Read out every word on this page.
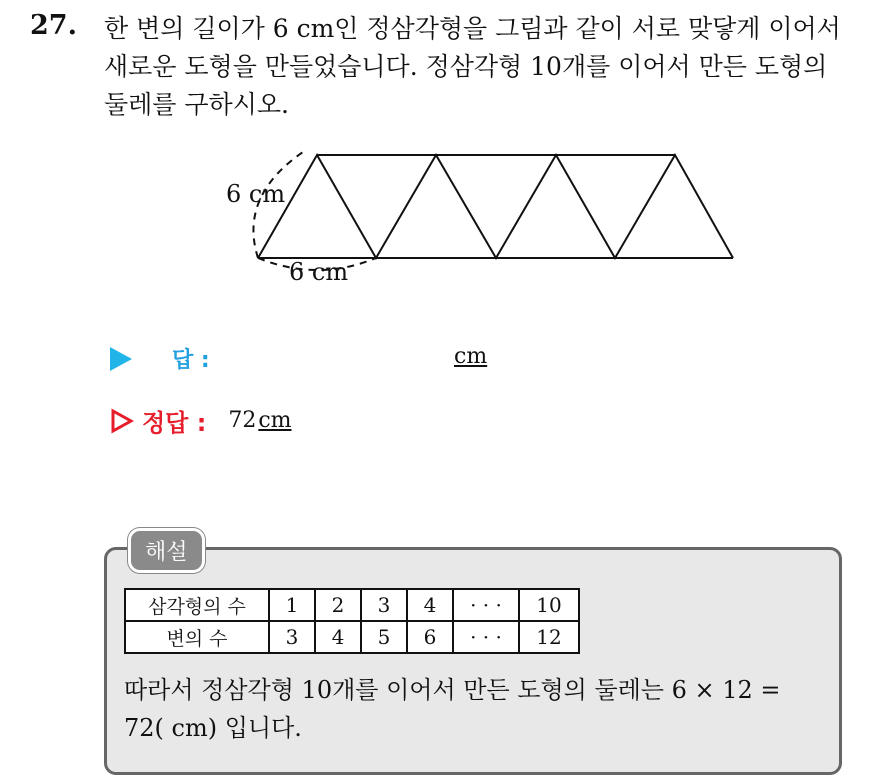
27. 한 변의 길이가 6 cm인 정삼각형을 그림과 같이 서로 맞닿게 이어서
새로운 도형을 만들었습니다. 정삼각형 10개를 이어서 만든 도형의
둘레를 구하시오.
6 cm
6 cm
답 :	cm
정답 : 72 cm
해설
삼각형의 수	1	2	3	4	· · ·	10
변의 수	3	4	5	6	· · ·	12
따라서 정삼각형 10개를 이어서 만든 도형의 둘레는 6 × 12 =
72( cm) 입니다.
